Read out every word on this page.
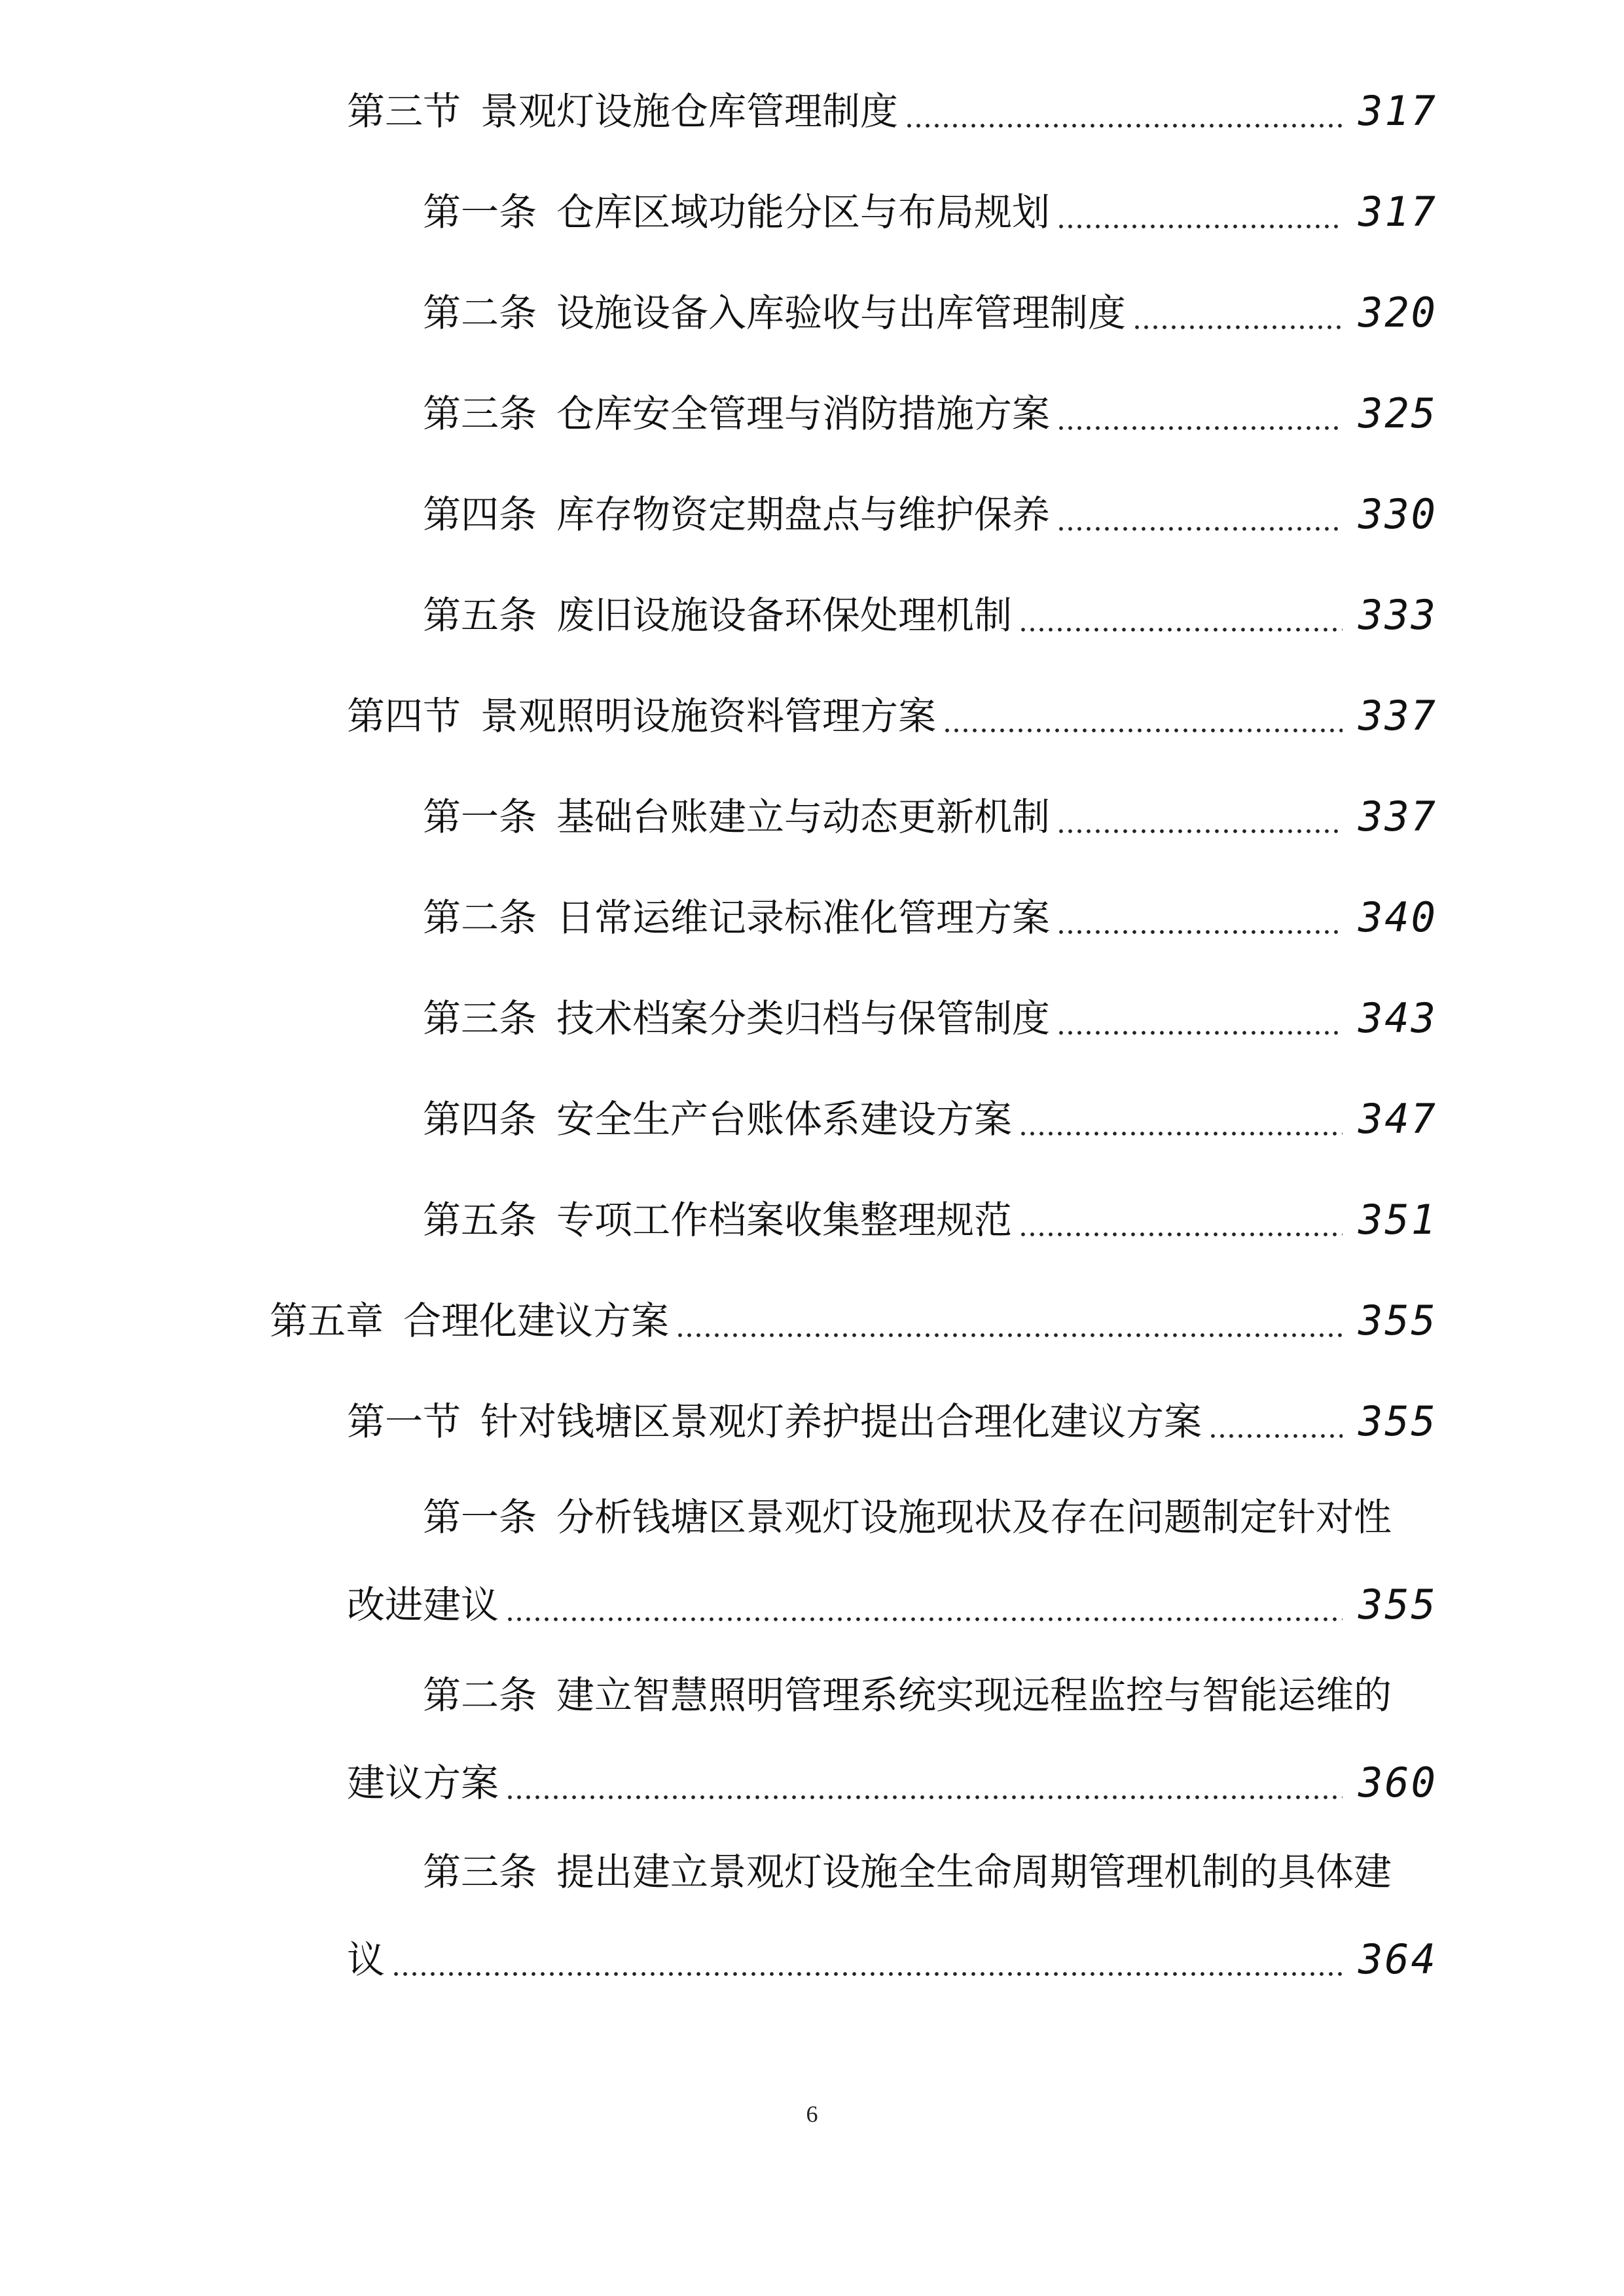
第三节 景观灯设施仓库管理制度	317
第一条 仓库区域功能分区与布局规划	317
第二条 设施设备入库验收与出库管理制度	320
第三条 仓库安全管理与消防措施方案	325
第四条 库存物资定期盘点与维护保养	330
第五条 废旧设施设备环保处理机制	333
第四节 景观照明设施资料管理方案	337
第一条 基础台账建立与动态更新机制	337
第二条 日常运维记录标准化管理方案	340
第三条 技术档案分类归档与保管制度	343
第四条 安全生产台账体系建设方案	347
第五条 专项工作档案收集整理规范	351
第五章 合理化建议方案	355
第一节 针对钱塘区景观灯养护提出合理化建议方案	355
第一条 分析钱塘区景观灯设施现状及存在问题制定针对性
改进建议	355
第二条 建立智慧照明管理系统实现远程监控与智能运维的
建议方案	360
第三条 提出建立景观灯设施全生命周期管理机制的具体建
议	364
6
